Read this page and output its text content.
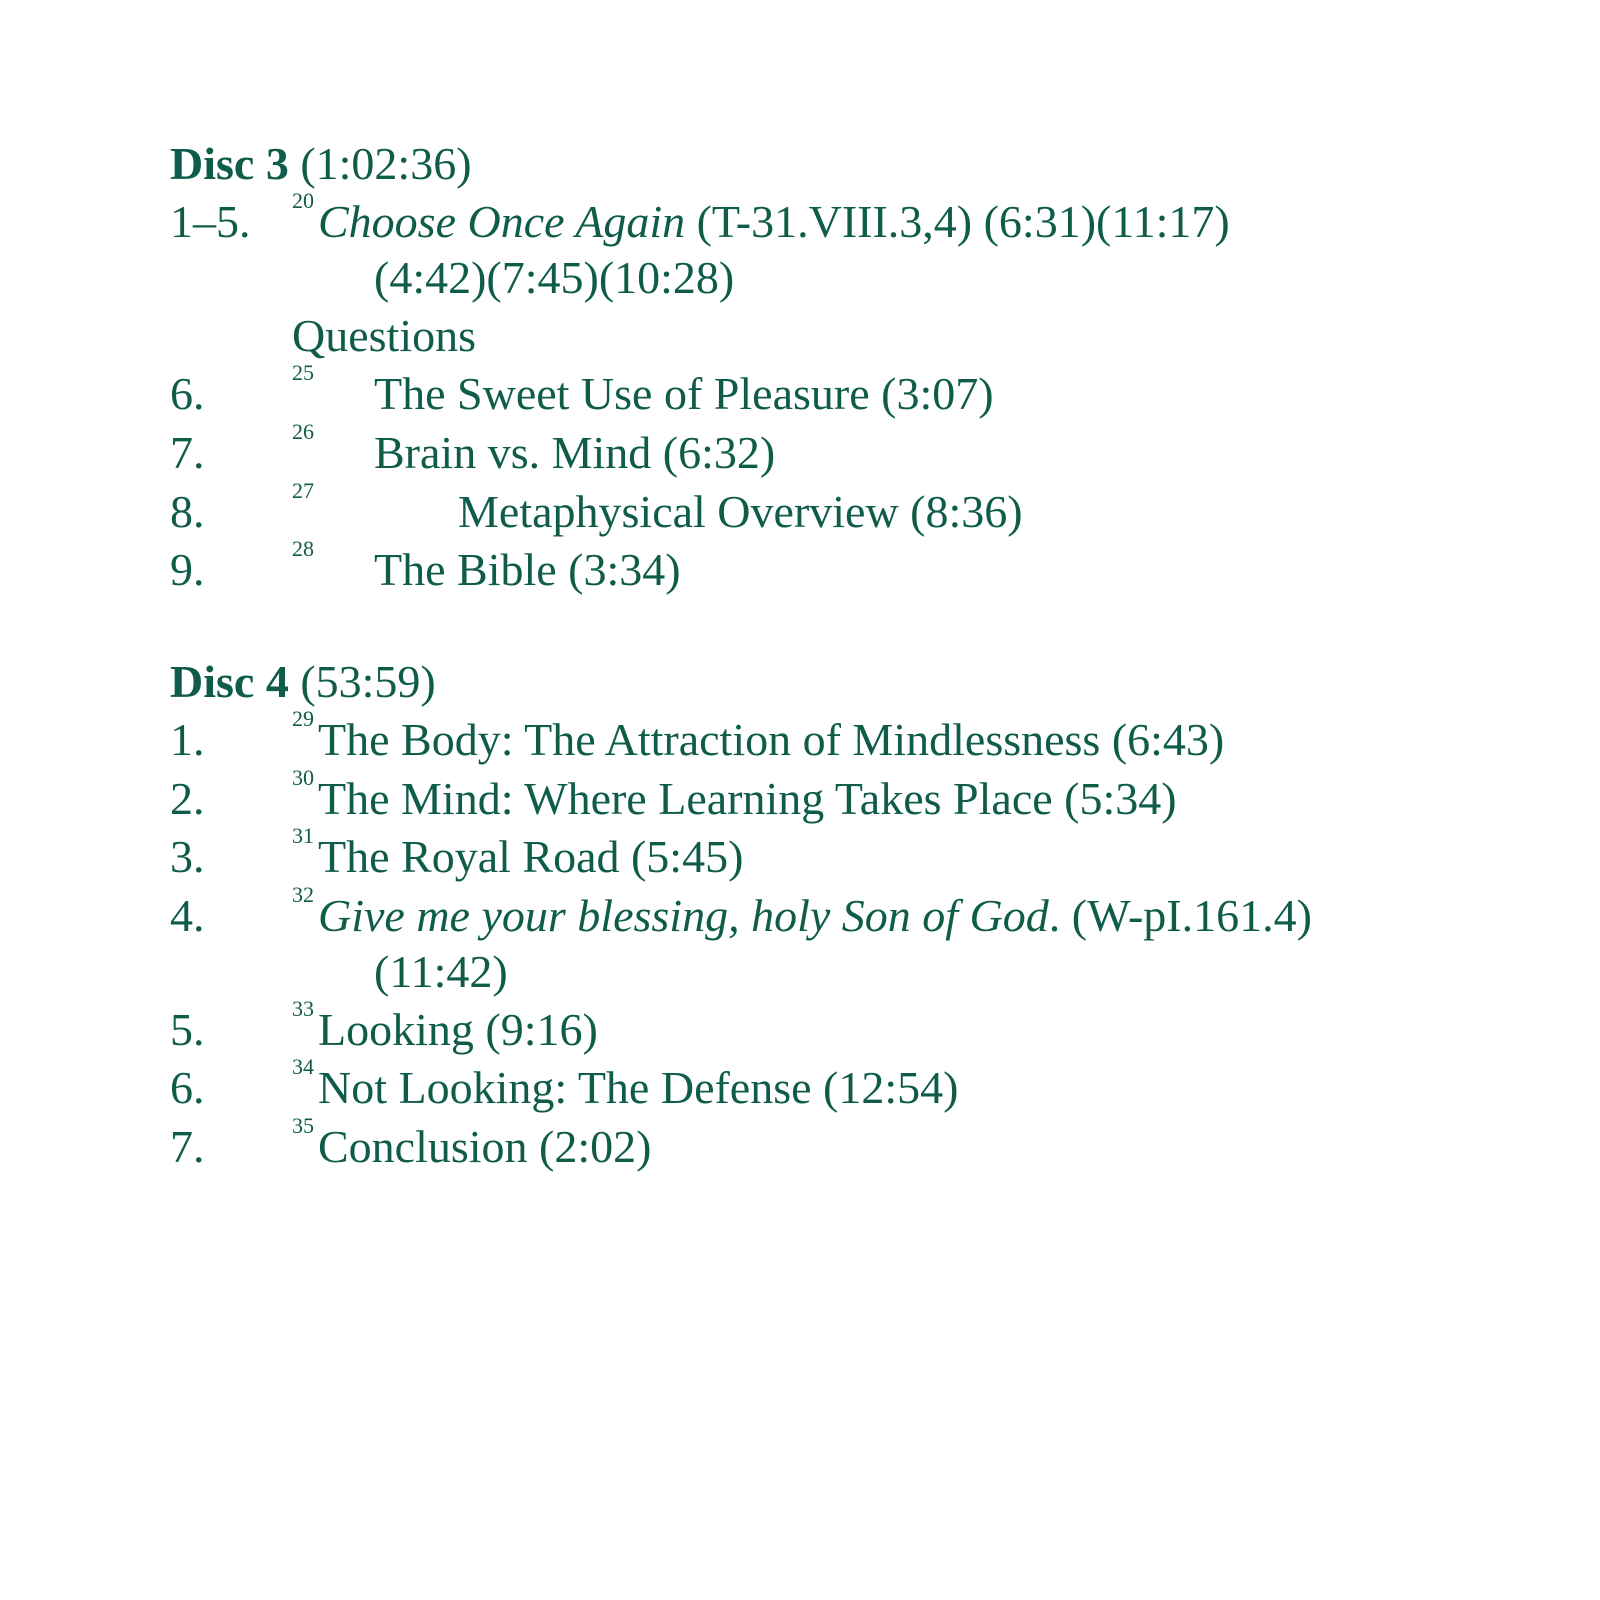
Disc 3 (1:02:36)
1–5. 20 Choose Once Again (T-31.VIII.3,4) (6:31)(11:17)
(4:42)(7:45)(10:28)
Questions
6.	25 The Sweet Use of Pleasure (3:07)
7.	26 Brain vs. Mind (6:32)
8.	27	Metaphysical Overview (8:36)
9.	28 The Bible (3:34)
Disc 4 (53:59)
1.	29 The Body: The Attraction of Mindlessness (6:43)
2.	30 The Mind: Where Learning Takes Place (5:34)
3.	31 The Royal Road (5:45)
4.	32 Give me your blessing, holy Son of God. (W-pI.161.4)
(11:42)
5.	33 Looking (9:16)
6.	34 Not Looking: The Defense (12:54)
7.	35 Conclusion (2:02)
